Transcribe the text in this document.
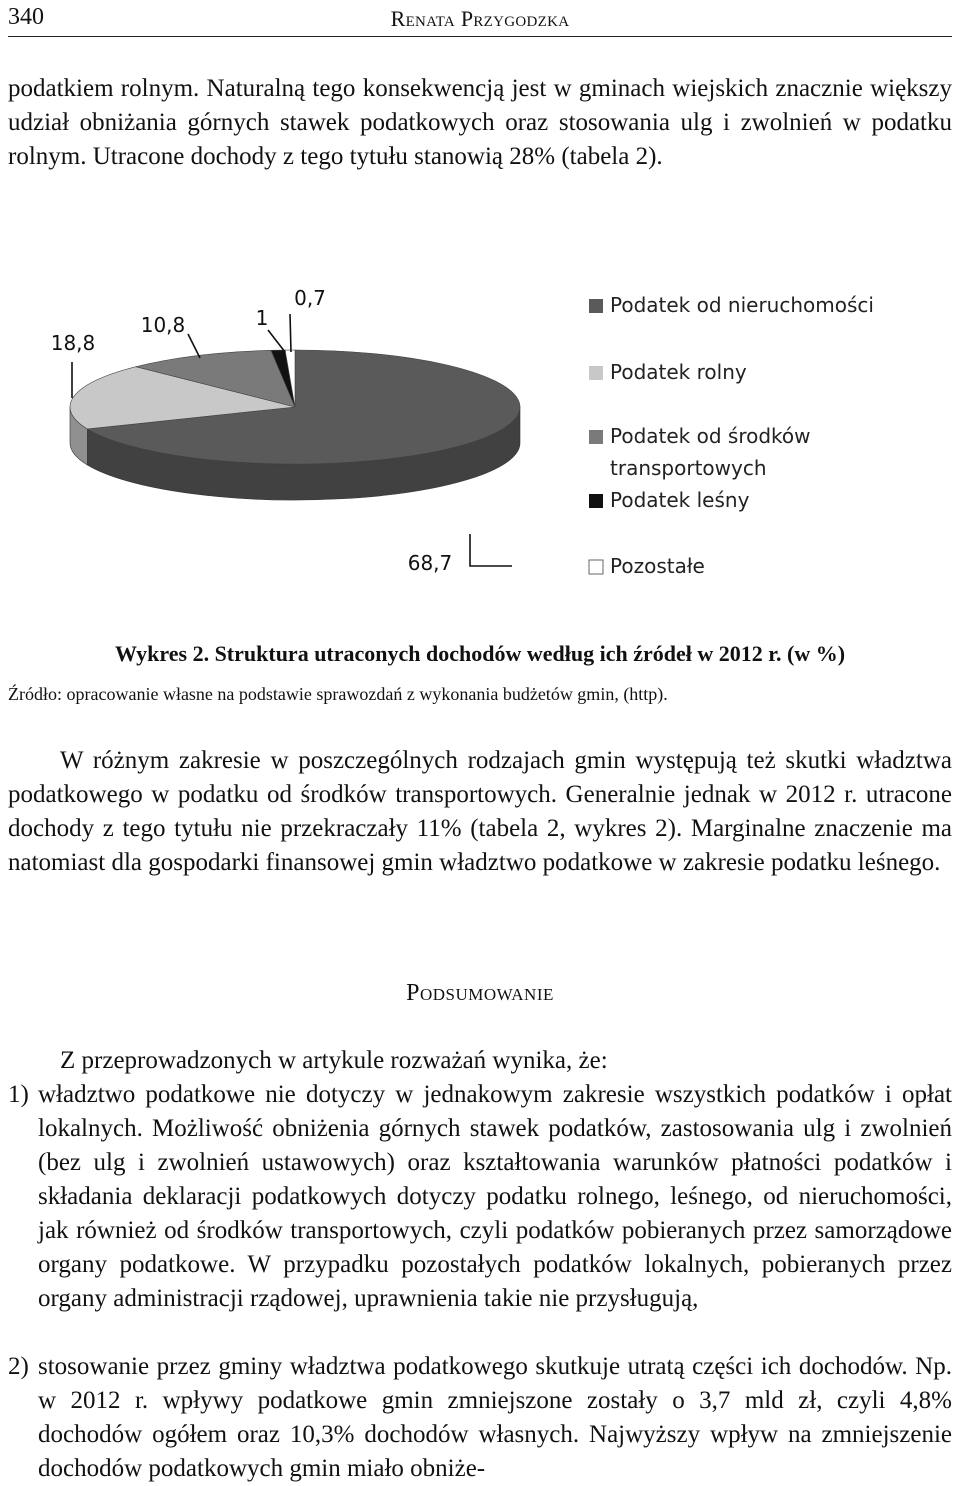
340	Renata Przygodzka

podatkiem rolnym. Naturalną tego konsekwencją jest w gminach wiejskich znacznie większy udział obniżania górnych stawek podatkowych oraz stosowania ulg i zwolnień w podatku rolnym. Utracone dochody z tego tytułu stanowią 28% (tabela 2).

68,7
18,8
10,8	1
0,7	Podatek od nieruchomości
Podatek rolny
Podatek od środków
transportowych
Podatek leśny
Pozostałe
Wykres 2. Struktura utraconych dochodów według ich źródeł w 2012 r. (w %)
Źródło: opracowanie własne na podstawie sprawozdań z wykonania budżetów gmin, (http).

W różnym zakresie w poszczególnych rodzajach gmin występują też skutki władztwa podatkowego w podatku od środków transportowych. Generalnie jednak w 2012 r. utracone dochody z tego tytułu nie przekraczały 11% (tabela 2, wykres 2). Marginalne znaczenie ma natomiast dla gospodarki finansowej gmin władztwo podatkowe w zakresie podatku leśnego.

Podsumowanie
Z przeprowadzonych w artykule rozważań wynika, że:
1) władztwo podatkowe nie dotyczy w jednakowym zakresie wszystkich podatków i opłat lokalnych. Możliwość obniżenia górnych stawek podatków, zastosowania ulg i zwolnień (bez ulg i zwolnień ustawowych) oraz kształtowania warunków płatności podatków i składania deklaracji podatkowych dotyczy podatku rolnego, leśnego, od nieruchomości, jak również od środków transportowych, czyli podatków pobieranych przez samorządowe organy podatkowe. W przypadku pozostałych podatków lokalnych, pobieranych przez organy administracji rządowej, uprawnienia takie nie przysługują,
2) stosowanie przez gminy władztwa podatkowego skutkuje utratą części ich dochodów. Np. w 2012 r. wpływy podatkowe gmin zmniejszone zostały o 3,7 mld zł, czyli 4,8% dochodów ogółem oraz 10,3% dochodów własnych. Najwyższy wpływ na zmniejszenie dochodów podatkowych gmin miało obniże-
